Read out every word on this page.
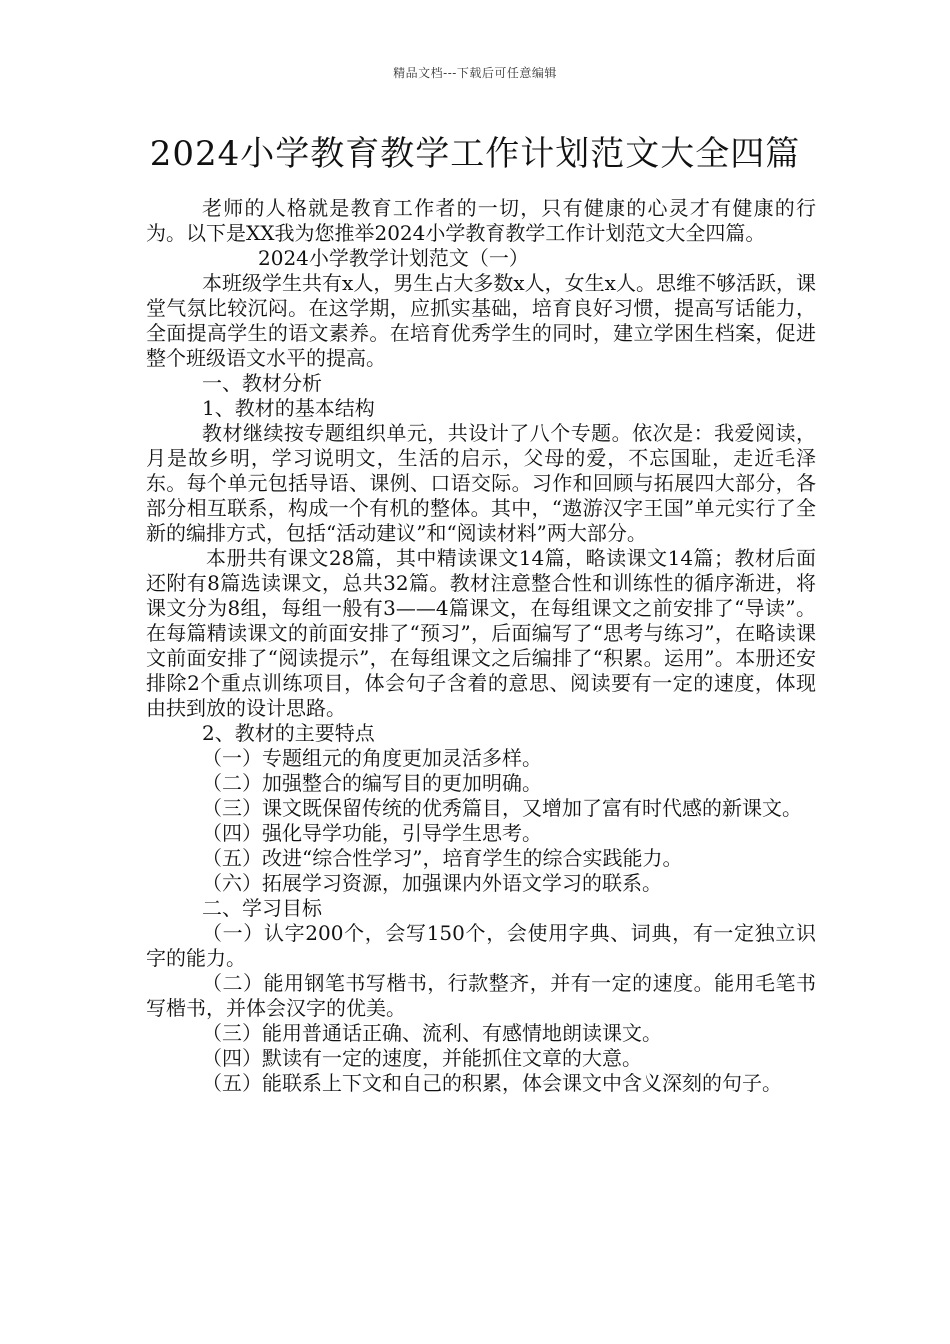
精品文档---下载后可任意编辑
2024小学教育教学工作计划范文大全四篇

老师的人格就是教育工作者的一切，只有健康的心灵才有健康的行为。以下是XX我为您推举2024小学教育教学工作计划范文大全四篇。

2024小学教学计划范文（一）

本班级学生共有x人，男生占大多数x人，女生x人。思维不够活跃，课堂气氛比较沉闷。在这学期，应抓实基础，培育良好习惯，提高写话能力，全面提高学生的语文素养。在培育优秀学生的同时，建立学困生档案，促进整个班级语文水平的提高。

一、教材分析

1、教材的基本结构

教材继续按专题组织单元，共设计了八个专题。依次是：我爱阅读，月是故乡明，学习说明文，生活的启示，父母的爱，不忘国耻，走近毛泽东。每个单元包括导语、课例、口语交际。习作和回顾与拓展四大部分，各部分相互联系，构成一个有机的整体。其中，“遨游汉字王国”单元实行了全新的编排方式，包括“活动建议”和“阅读材料”两大部分。

本册共有课文28篇，其中精读课文14篇，略读课文14篇；教材后面还附有8篇选读课文，总共32篇。教材注意整合性和训练性的循序渐进，将课文分为8组，每组一般有3——4篇课文，在每组课文之前安排了“导读”。在每篇精读课文的前面安排了“预习”，后面编写了“思考与练习”，在略读课文前面安排了“阅读提示”，在每组课文之后编排了“积累。运用”。本册还安排除2个重点训练项目，体会句子含着的意思、阅读要有一定的速度，体现由扶到放的设计思路。

2、教材的主要特点

（一）专题组元的角度更加灵活多样。

（二）加强整合的编写目的更加明确。

（三）课文既保留传统的优秀篇目，又增加了富有时代感的新课文。

（四）强化导学功能，引导学生思考。

（五）改进“综合性学习”，培育学生的综合实践能力。

（六）拓展学习资源，加强课内外语文学习的联系。

二、学习目标

（一）认字200个，会写150个，会使用字典、词典，有一定独立识字的能力。

（二）能用钢笔书写楷书，行款整齐，并有一定的速度。能用毛笔书写楷书，并体会汉字的优美。

（三）能用普通话正确、流利、有感情地朗读课文。

（四）默读有一定的速度，并能抓住文章的大意。

（五）能联系上下文和自己的积累，体会课文中含义深刻的句子。
